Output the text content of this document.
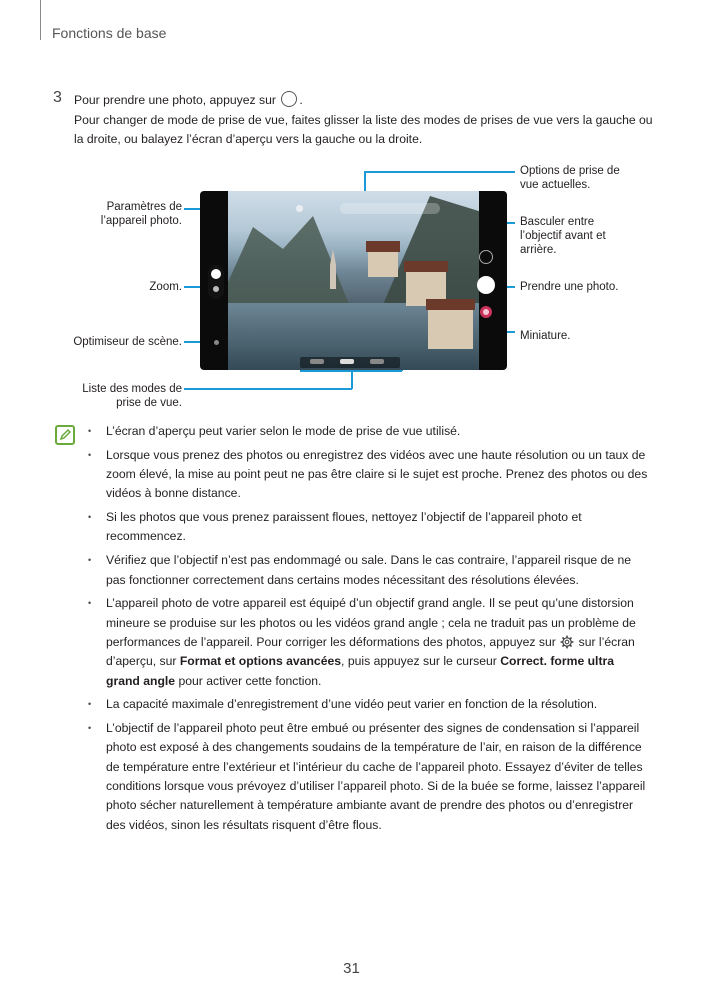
Fonctions de base
3 Pour prendre une photo, appuyez sur .
Pour changer de mode de prise de vue, faites glisser la liste des modes de prises de vue vers la gauche ou la droite, ou balayez l’écran d’aperçu vers la gauche ou la droite.
Options de prise de vue actuelles.
Paramètres de l’appareil photo.	Basculer entre l’objectif avant et arrière.
Zoom.	Prendre une photo.
Miniature.
Optimiseur de scène.
Liste des modes de prise de vue.
• L’écran d’aperçu peut varier selon le mode de prise de vue utilisé.
• Lorsque vous prenez des photos ou enregistrez des vidéos avec une haute résolution ou un taux de zoom élevé, la mise au point peut ne pas être claire si le sujet est proche. Prenez des photos ou des vidéos à bonne distance.
• Si les photos que vous prenez paraissent floues, nettoyez l’objectif de l’appareil photo et recommencez.
• Vérifiez que l’objectif n’est pas endommagé ou sale. Dans le cas contraire, l’appareil risque de ne pas fonctionner correctement dans certains modes nécessitant des résolutions élevées.
• L’appareil photo de votre appareil est équipé d’un objectif grand angle. Il se peut qu’une distorsion mineure se produise sur les photos ou les vidéos grand angle ; cela ne traduit pas un problème de performances de l’appareil. Pour corriger les déformations des photos, appuyez sur sur l’écran d’aperçu, sur Format et options avancées, puis appuyez sur le curseur Correct. forme ultra grand angle pour activer cette fonction.
• La capacité maximale d’enregistrement d’une vidéo peut varier en fonction de la résolution.
• L’objectif de l’appareil photo peut être embué ou présenter des signes de condensation si l’appareil photo est exposé à des changements soudains de la température de l’air, en raison de la différence de température entre l’extérieur et l’intérieur du cache de l’appareil photo. Essayez d’éviter de telles conditions lorsque vous prévoyez d’utiliser l’appareil photo. Si de la buée se forme, laissez l’appareil photo sécher naturellement à température ambiante avant de prendre des photos ou d’enregistrer des vidéos, sinon les résultats risquent d’être flous.
31
